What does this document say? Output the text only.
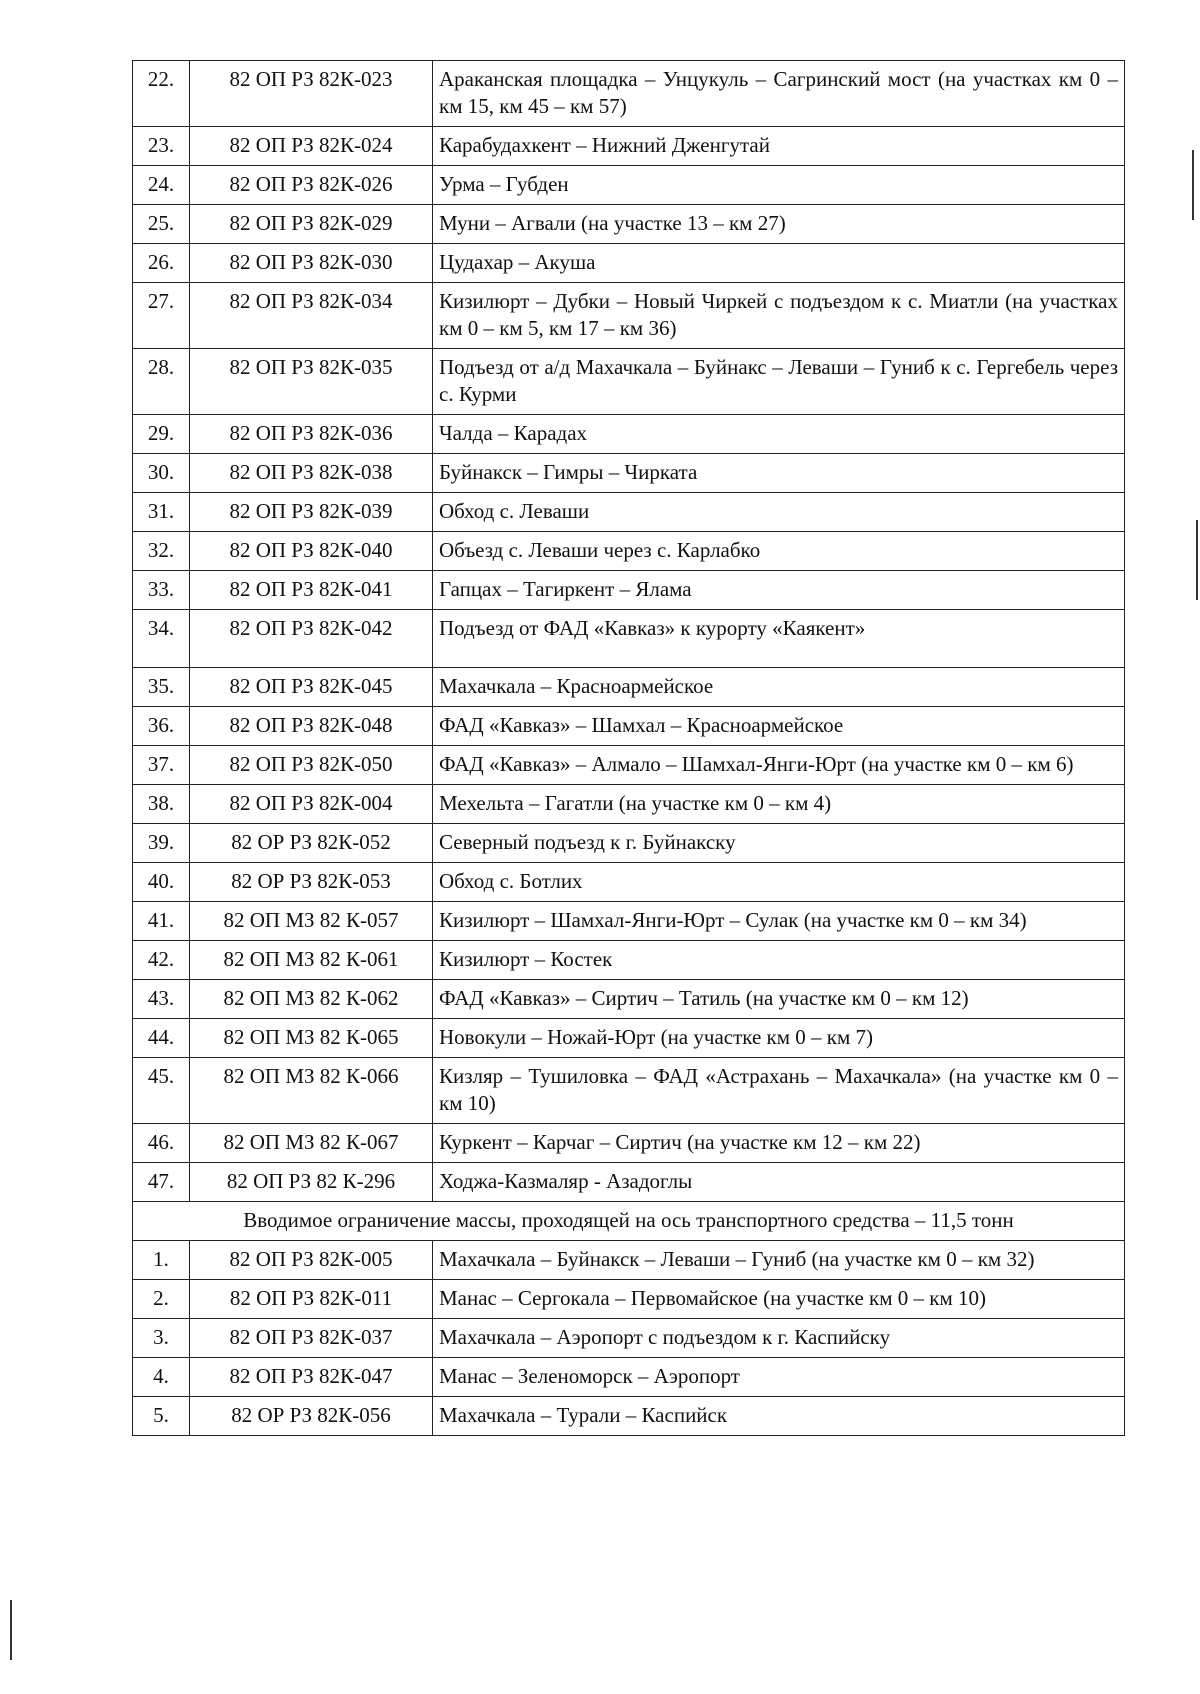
22.	82 ОП РЗ 82К-023	Араканская площадка – Унцукуль – Сагринский мост (на участках км 0 – км 15, км 45 – км 57)
23.	82 ОП РЗ 82К-024	Карабудахкент – Нижний Дженгутай
24.	82 ОП РЗ 82К-026	Урма – Губден
25.	82 ОП РЗ 82К-029	Муни – Агвали (на участке 13 – км 27)
26.	82 ОП РЗ 82К-030	Цудахар – Акуша
27.	82 ОП РЗ 82К-034	Кизилюрт – Дубки – Новый Чиркей с подъездом к с. Миатли (на участках км 0 – км 5, км 17 – км 36)
28.	82 ОП РЗ 82К-035	Подъезд от а/д Махачкала – Буйнакс – Леваши – Гуниб к с. Гергебель через с. Курми
29.	82 ОП РЗ 82К-036	Чалда – Карадах
30.	82 ОП РЗ 82К-038	Буйнакск – Гимры – Чирката
31.	82 ОП РЗ 82К-039	Обход с. Леваши
32.	82 ОП РЗ 82К-040	Объезд с. Леваши через с. Карлабко
33.	82 ОП РЗ 82К-041	Гапцах – Тагиркент – Ялама
34.	82 ОП РЗ 82К-042	Подъезд от ФАД «Кавказ» к курорту «Каякент»
35.	82 ОП РЗ 82К-045	Махачкала – Красноармейское
36.	82 ОП РЗ 82К-048	ФАД «Кавказ» – Шамхал – Красноармейское
37.	82 ОП РЗ 82К-050	ФАД «Кавказ» – Алмало – Шамхал-Янги-Юрт (на участке км 0 – км 6)
38.	82 ОП РЗ 82К-004	Мехельта – Гагатли (на участке км 0 – км 4)
39.	82 ОР РЗ 82К-052	Северный подъезд к г. Буйнакску
40.	82 ОР РЗ 82К-053	Обход с. Ботлих
41.	82 ОП МЗ 82 К-057	Кизилюрт – Шамхал-Янги-Юрт – Сулак (на участке км 0 – км 34)
42.	82 ОП МЗ 82 К-061	Кизилюрт – Костек
43.	82 ОП МЗ 82 К-062	ФАД «Кавказ» – Сиртич – Татиль (на участке км 0 – км 12)
44.	82 ОП МЗ 82 К-065	Новокули – Ножай-Юрт (на участке км 0 – км 7)
45.	82 ОП МЗ 82 К-066	Кизляр – Тушиловка – ФАД «Астрахань – Махачкала» (на участке км 0 – км 10)
46.	82 ОП МЗ 82 К-067	Куркент – Карчаг – Сиртич (на участке км 12 – км 22)
47.	82 ОП РЗ 82 К-296	Ходжа-Казмаляр - Азадоглы
Вводимое ограничение массы, проходящей на ось транспортного средства – 11,5 тонн		
1.	82 ОП РЗ 82К-005	Махачкала – Буйнакск – Леваши – Гуниб (на участке км 0 – км 32)
2.	82 ОП РЗ 82К-011	Манас – Сергокала – Первомайское (на участке км 0 – км 10)
3.	82 ОП РЗ 82К-037	Махачкала – Аэропорт с подъездом к г. Каспийску
4.	82 ОП РЗ 82К-047	Манас – Зеленоморск – Аэропорт
5.	82 ОР РЗ 82К-056	Махачкала – Турали – Каспийск
